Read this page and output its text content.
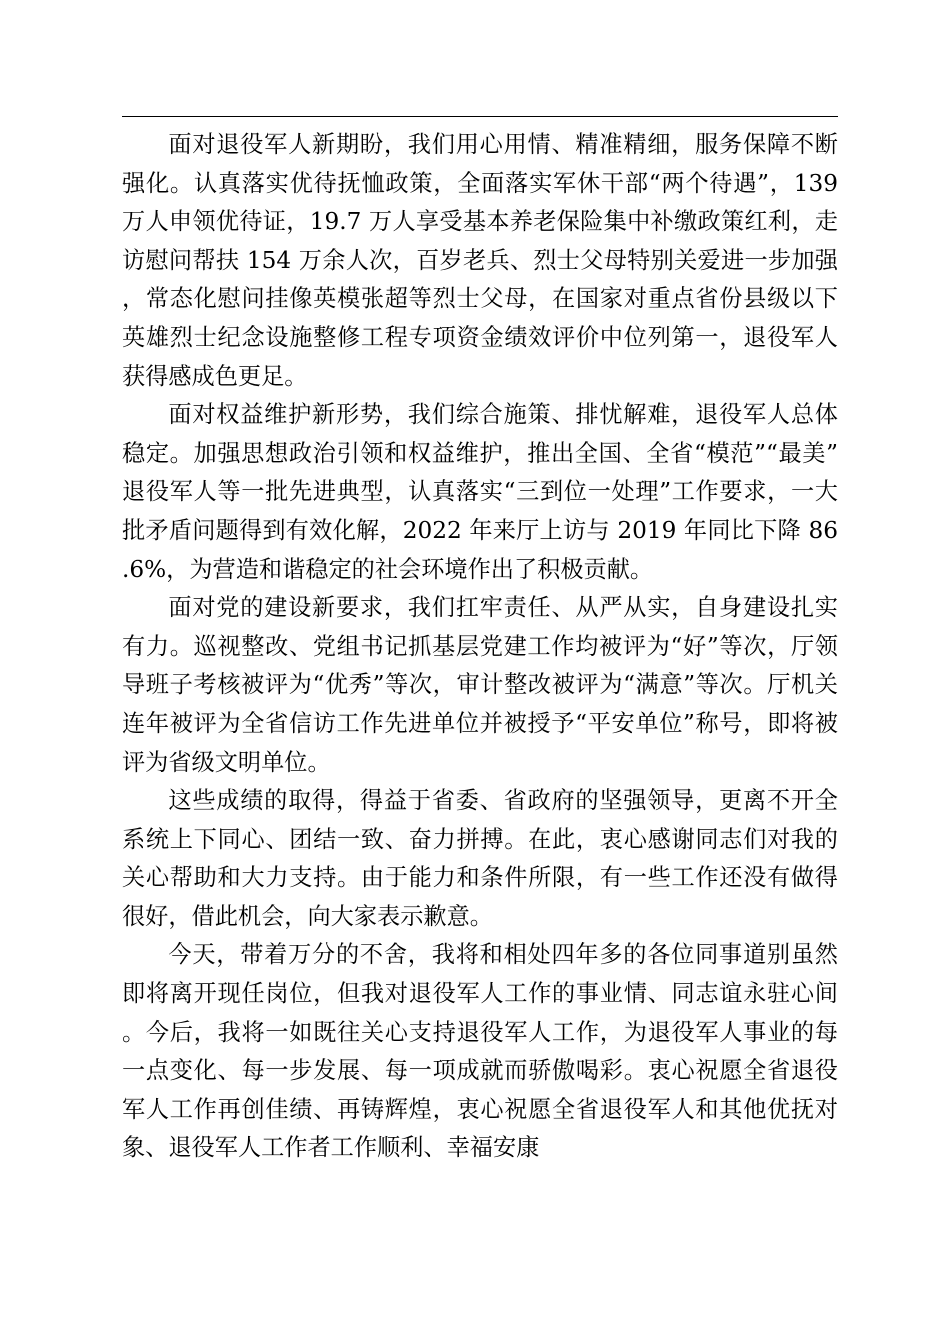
面对退役军人新期盼，我们用心用情、精准精细，服务保障不断强化。认真落实优待抚恤政策，全面落实军休干部“两个待遇”，139 万人申领优待证，19.7 万人享受基本养老保险集中补缴政策红利，走访慰问帮扶 154 万余人次，百岁老兵、烈士父母特别关爱进一步加强，常态化慰问挂像英模张超等烈士父母，在国家对重点省份县级以下英雄烈士纪念设施整修工程专项资金绩效评价中位列第一，退役军人获得感成色更足。

面对权益维护新形势，我们综合施策、排忧解难，退役军人总体稳定。加强思想政治引领和权益维护，推出全国、全省“模范”“最美”退役军人等一批先进典型，认真落实“三到位一处理”工作要求，一大批矛盾问题得到有效化解，2022 年来厅上访与 2019 年同比下降 86.6%，为营造和谐稳定的社会环境作出了积极贡献。

面对党的建设新要求，我们扛牢责任、从严从实，自身建设扎实有力。巡视整改、党组书记抓基层党建工作均被评为“好”等次，厅领导班子考核被评为“优秀”等次，审计整改被评为“满意”等次。厅机关连年被评为全省信访工作先进单位并被授予“平安单位”称号，即将被评为省级文明单位。

这些成绩的取得，得益于省委、省政府的坚强领导，更离不开全系统上下同心、团结一致、奋力拼搏。在此，衷心感谢同志们对我的关心帮助和大力支持。由于能力和条件所限，有一些工作还没有做得很好，借此机会，向大家表示歉意。

今天，带着万分的不舍，我将和相处四年多的各位同事道别虽然即将离开现任岗位，但我对退役军人工作的事业情、同志谊永驻心间。今后，我将一如既往关心支持退役军人工作，为退役军人事业的每一点变化、每一步发展、每一项成就而骄傲喝彩。衷心祝愿全省退役军人工作再创佳绩、再铸辉煌，衷心祝愿全省退役军人和其他优抚对象、退役军人工作者工作顺利、幸福安康
